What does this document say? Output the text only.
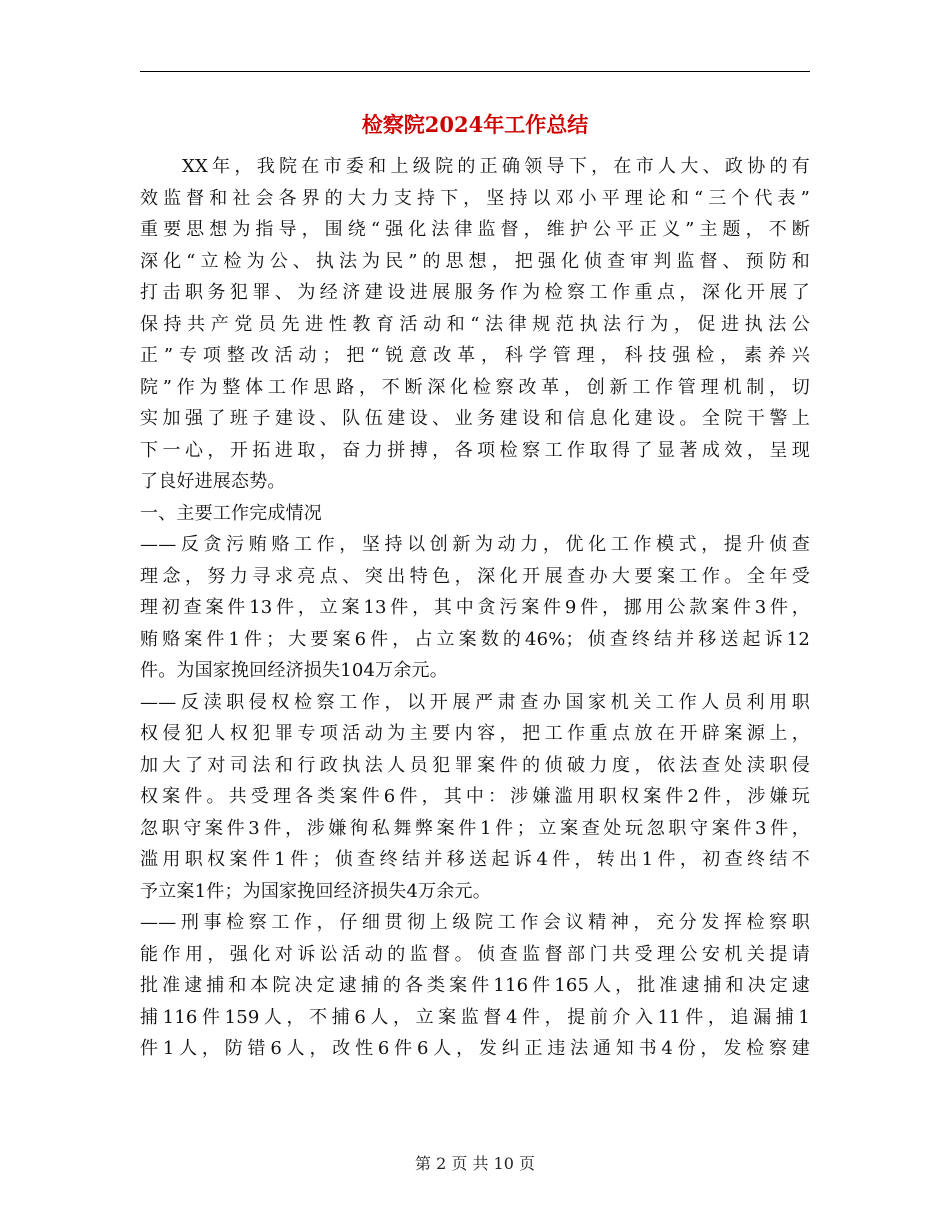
检察院2024年工作总结
XX年，我院在市委和上级院的正确领导下，在市人大、政协的有
效监督和社会各界的大力支持下，坚持以邓小平理论和“三个代表”
重要思想为指导，围绕“强化法律监督，维护公平正义”主题，不断
深化“立检为公、执法为民”的思想，把强化侦查审判监督、预防和
打击职务犯罪、为经济建设进展服务作为检察工作重点，深化开展了
保持共产党员先进性教育活动和“法律规范执法行为，促进执法公
正”专项整改活动；把“锐意改革，科学管理，科技强检，素养兴
院”作为整体工作思路，不断深化检察改革，创新工作管理机制，切
实加强了班子建设、队伍建设、业务建设和信息化建设。全院干警上
下一心，开拓进取，奋力拼搏，各项检察工作取得了显著成效，呈现
了良好进展态势。
一、主要工作完成情况
——反贪污贿赂工作，坚持以创新为动力，优化工作模式，提升侦查
理念，努力寻求亮点、突出特色，深化开展查办大要案工作。全年受
理初查案件13件，立案13件，其中贪污案件9件，挪用公款案件3件，
贿赂案件1件；大要案6件，占立案数的46%；侦查终结并移送起诉12
件。为国家挽回经济损失104万余元。
——反渎职侵权检察工作，以开展严肃查办国家机关工作人员利用职
权侵犯人权犯罪专项活动为主要内容，把工作重点放在开辟案源上，
加大了对司法和行政执法人员犯罪案件的侦破力度，依法查处渎职侵
权案件。共受理各类案件6件，其中：涉嫌滥用职权案件2件，涉嫌玩
忽职守案件3件，涉嫌徇私舞弊案件1件；立案查处玩忽职守案件3件，
滥用职权案件1件；侦查终结并移送起诉4件，转出1件，初查终结不
予立案1件；为国家挽回经济损失4万余元。
——刑事检察工作，仔细贯彻上级院工作会议精神，充分发挥检察职
能作用，强化对诉讼活动的监督。侦查监督部门共受理公安机关提请
批准逮捕和本院决定逮捕的各类案件116件165人，批准逮捕和决定逮
捕116件159人，不捕6人，立案监督4件，提前介入11件，追漏捕1
件1人，防错6人，改性6件6人，发纠正违法通知书4份，发检察建
第 2 页 共 10 页
